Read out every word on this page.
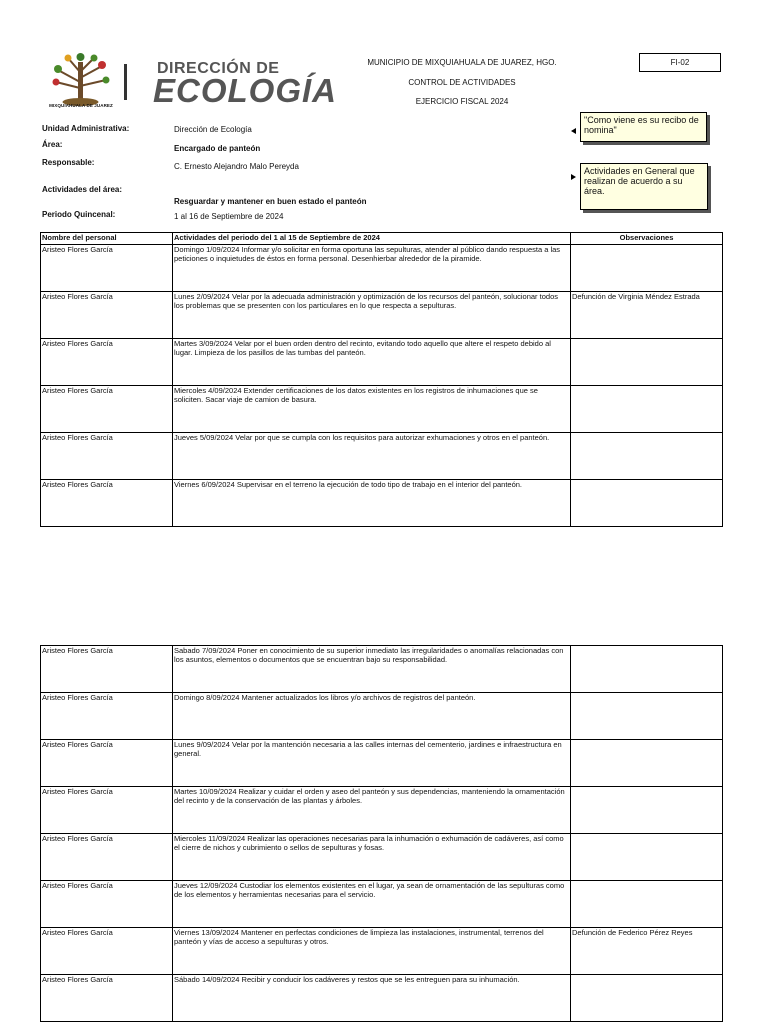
MIXQUIAHUALA DE JUAREZ
DIRECCIÓN DE
ECOLOGÍA
MUNICIPIO DE MIXQUIAHUALA DE JUAREZ, HGO.
CONTROL DE ACTIVIDADES
EJERCICIO FISCAL 2024
FI-02
"Como viene es su recibo de nomina"
Actividades en General que realizan de acuerdo a su área.
Unidad Administrativa:	Dirección de Ecología
Área:	Encargado de panteón
Responsable:	C. Ernesto Alejandro Malo Pereyda
Actividades del área:
Resguardar y mantener en buen estado el panteón
Periodo Quincenal:	1 al 16 de Septiembre de 2024
Nombre del personal	Actividades del periodo del 1 al 15 de Septiembre de 2024	Observaciones
Aristeo Flores García	Domingo 1/09/2024 Informar y/o solicitar en forma oportuna las sepulturas, atender al público dando respuesta a las peticiones o inquietudes de éstos en forma personal. Desenhierbar alrededor de la piramide.	
Aristeo Flores García	Lunes 2/09/2024 Velar por la adecuada administración y optimización de los recursos del panteón, solucionar todos los problemas que se presenten con los particulares en lo que respecta a sepulturas.	Defunción de Virginia Méndez Estrada
Aristeo Flores García	Martes 3/09/2024 Velar por el buen orden dentro del recinto, evitando todo aquello que altere el respeto debido al lugar. Limpieza de los pasillos de las tumbas del panteón.	
Aristeo Flores García	Miercoles 4/09/2024 Extender certificaciones de los datos existentes en los registros de inhumaciones que se soliciten. Sacar viaje de camion de basura.	
Aristeo Flores García	Jueves 5/09/2024 Velar por que se cumpla con los requisitos para autorizar exhumaciones y otros en el panteón.	
Aristeo Flores García	Viernes 6/09/2024 Supervisar en el terreno la ejecución de todo tipo de trabajo en el interior del panteón.	
Aristeo Flores García	Sabado 7/09/2024 Poner en conocimiento de su superior inmediato las irregularidades o anomalías relacionadas con los asuntos, elementos o documentos que se encuentran bajo su responsabilidad.	
Aristeo Flores García	Domingo 8/09/2024 Mantener actualizados los libros y/o archivos de registros del panteón.	
Aristeo Flores García	Lunes 9/09/2024 Velar por la mantención necesaria a las calles internas del cementerio, jardines e infraestructura en general.	
Aristeo Flores García	Martes 10/09/2024 Realizar y cuidar el orden y aseo del panteón y sus dependencias, manteniendo la ornamentación del recinto y de la conservación de las plantas y árboles.	
Aristeo Flores García	Miercoles 11/09/2024 Realizar las operaciones necesarias para la inhumación o exhumación de cadáveres, así como el cierre de nichos y cubrimiento o sellos de sepulturas y fosas.	
Aristeo Flores García	Jueves 12/09/2024 Custodiar los elementos existentes en el lugar, ya sean de ornamentación de las sepulturas como de los elementos y herramientas necesarias para el servicio.	
Aristeo Flores García	Viernes 13/09/2024 Mantener en perfectas condiciones de limpieza las instalaciones, instrumental, terrenos del panteón y vías de acceso a sepulturas y otros.	Defunción de Federico Pérez Reyes
Aristeo Flores García	Sábado 14/09/2024 Recibir y conducir los cadáveres y restos que se les entreguen para su inhumación.	
